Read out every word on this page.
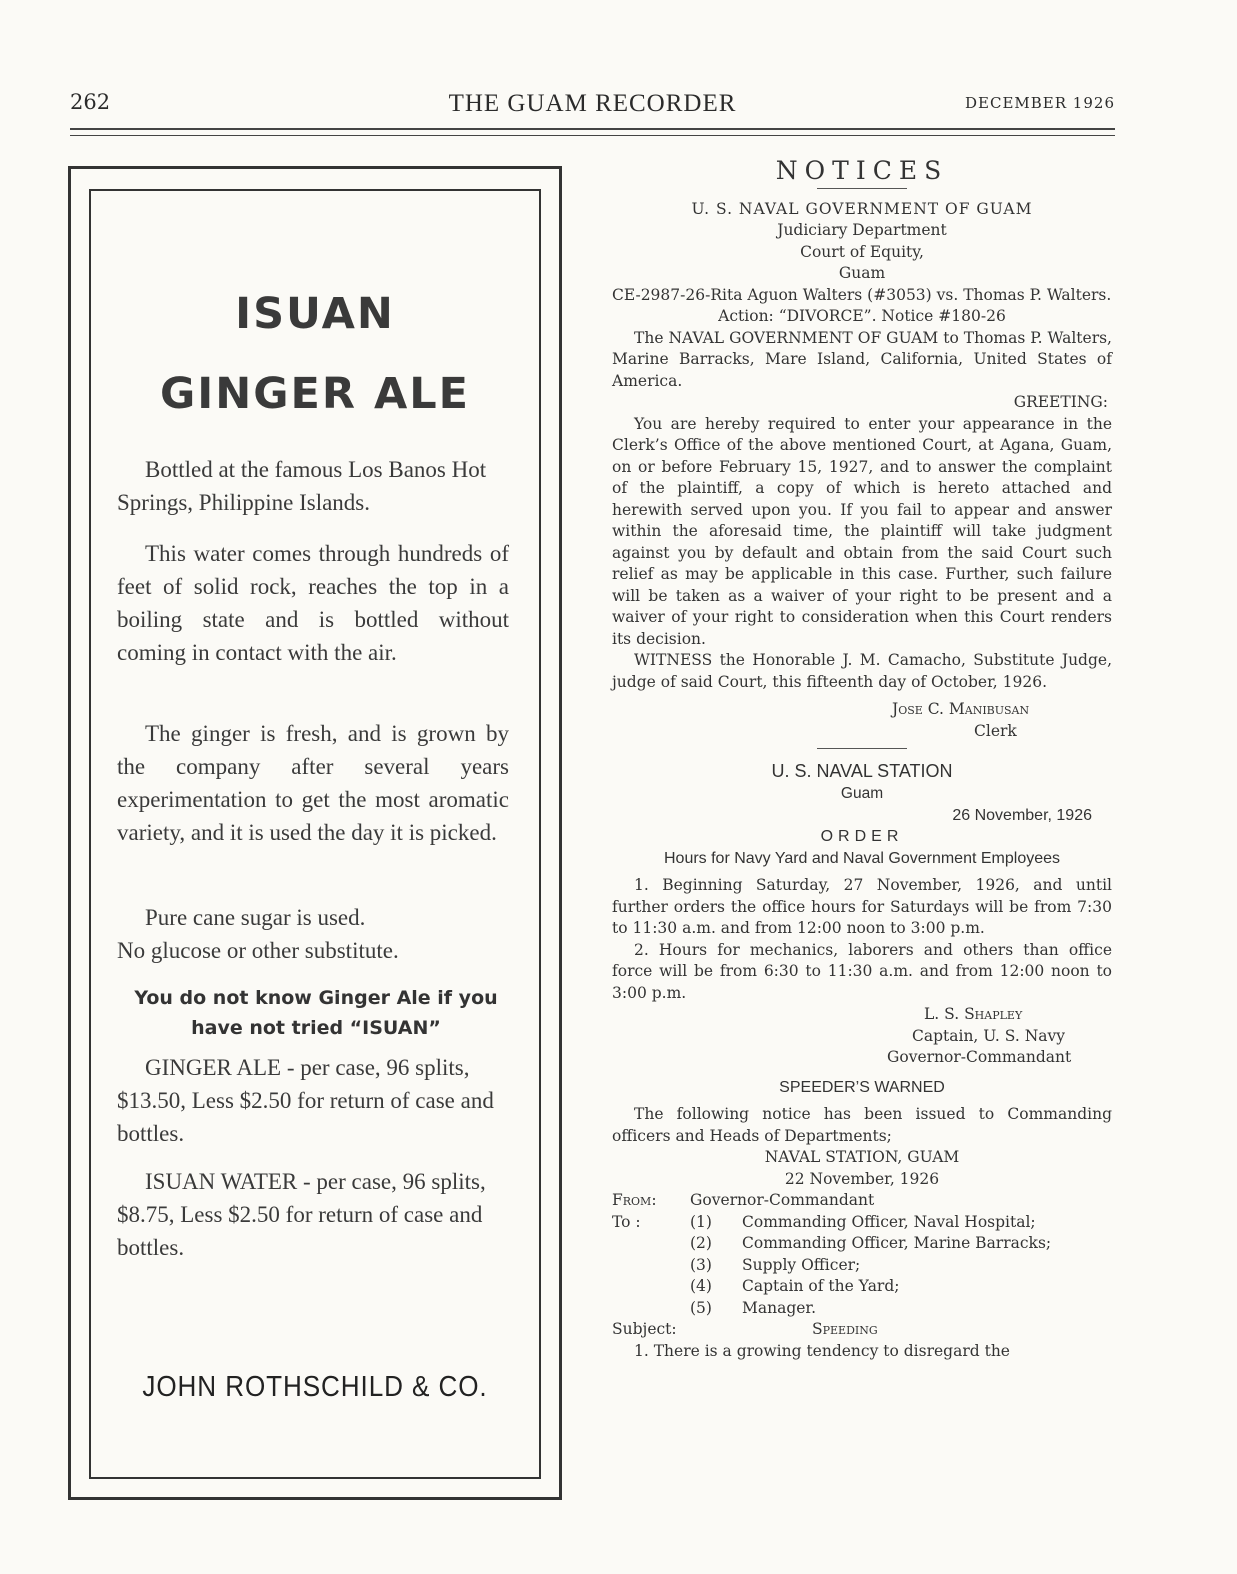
262	THE GUAM RECORDER	DECEMBER 1926
ISUAN
GINGER ALE
Bottled at the famous Los Banos Hot Springs, Philippine Islands.
This water comes through hundreds of feet of solid rock, reaches the top in a boiling state and is bottled without coming in contact with the air.
The ginger is fresh, and is grown by the company after several years experimentation to get the most aromatic variety, and it is used the day it is picked.
Pure cane sugar is used.
No glucose or other substitute.
You do not know Ginger Ale if you have not tried “ISUAN”
GINGER ALE - per case, 96 splits, $13.50, Less $2.50 for return of case and bottles.
ISUAN WATER - per case, 96 splits, $8.75, Less $2.50 for return of case and bottles.
JOHN ROTHSCHILD & CO.
NOTICES

U. S. NAVAL GOVERNMENT OF GUAM

Judiciary Department

Court of Equity,

Guam

CE-2987-26-Rita Aguon Walters (#3053) vs. Thomas P. Walters.

Action: “DIVORCE”. Notice #180-26

The NAVAL GOVERNMENT OF GUAM to Thomas P. Walters, Marine Barracks, Mare Island, California, United States of America.

GREETING:

You are hereby required to enter your appearance in the Clerk’s Office of the above mentioned Court, at Agana, Guam, on or before February 15, 1927, and to answer the complaint of the plaintiff, a copy of which is hereto attached and herewith served upon you. If you fail to appear and answer within the aforesaid time, the plaintiff will take judgment against you by default and obtain from the said Court such relief as may be applicable in this case. Further, such failure will be taken as a waiver of your right to be present and a waiver of your right to consideration when this Court renders its decision.

WITNESS the Honorable J. M. Camacho, Substitute Judge, judge of said Court, this fifteenth day of October, 1926.

Jose C. Manibusan

Clerk

U. S. NAVAL STATION

Guam

26 November, 1926

ORDER

Hours for Navy Yard and Naval Government Employees

1. Beginning Saturday, 27 November, 1926, and until further orders the office hours for Saturdays will be from 7:30 to 11:30 a.m. and from 12:00 noon to 3:00 p.m.

2. Hours for mechanics, laborers and others than office force will be from 6:30 to 11:30 a.m. and from 12:00 noon to 3:00 p.m.

L. S. Shapley

Captain, U. S. Navy

Governor-Commandant

SPEEDER’S WARNED

The following notice has been issued to Commanding officers and Heads of Departments;

NAVAL STATION, GUAM

22 November, 1926

From:	Governor-Commandant
To :	(1)	Commanding Officer, Naval Hospital;
(2)	Commanding Officer, Marine Barracks;
(3)	Supply Officer;
(4)	Captain of the Yard;
(5)	Manager.
Subject:	Speeding

1. There is a growing tendency to disregard the
